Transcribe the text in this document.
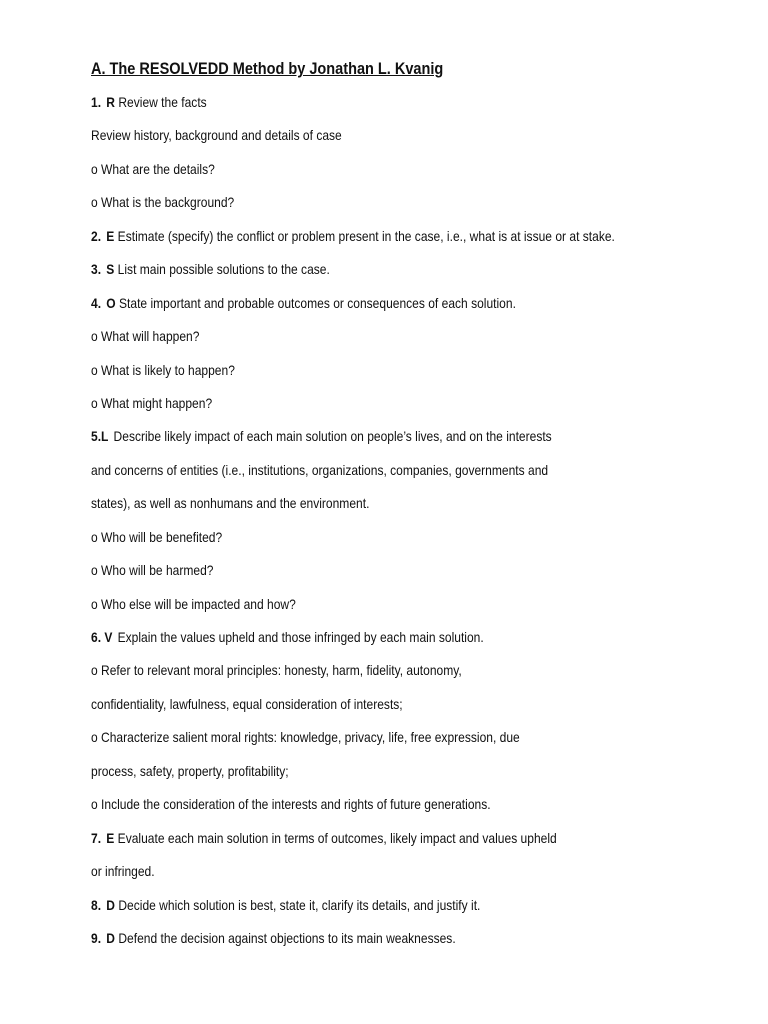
A. The RESOLVEDD Method by Jonathan L. Kvanig
1. R Review the facts
Review history, background and details of case
o What are the details?
o What is the background?
2. E Estimate (specify) the conflict or problem present in the case, i.e., what is at issue or at stake.
3. S List main possible solutions to the case.
4. O State important and probable outcomes or consequences of each solution.
o What will happen?
o What is likely to happen?
o What might happen?
5.L Describe likely impact of each main solution on people’s lives, and on the interests
and concerns of entities (i.e., institutions, organizations, companies, governments and
states), as well as nonhumans and the environment.
o Who will be benefited?
o Who will be harmed?
o Who else will be impacted and how?
6. V Explain the values upheld and those infringed by each main solution.
o Refer to relevant moral principles: honesty, harm, fidelity, autonomy,
confidentiality, lawfulness, equal consideration of interests;
o Characterize salient moral rights: knowledge, privacy, life, free expression, due
process, safety, property, profitability;
o Include the consideration of the interests and rights of future generations.
7. E Evaluate each main solution in terms of outcomes, likely impact and values upheld
or infringed.
8. D Decide which solution is best, state it, clarify its details, and justify it.
9. D Defend the decision against objections to its main weaknesses.
